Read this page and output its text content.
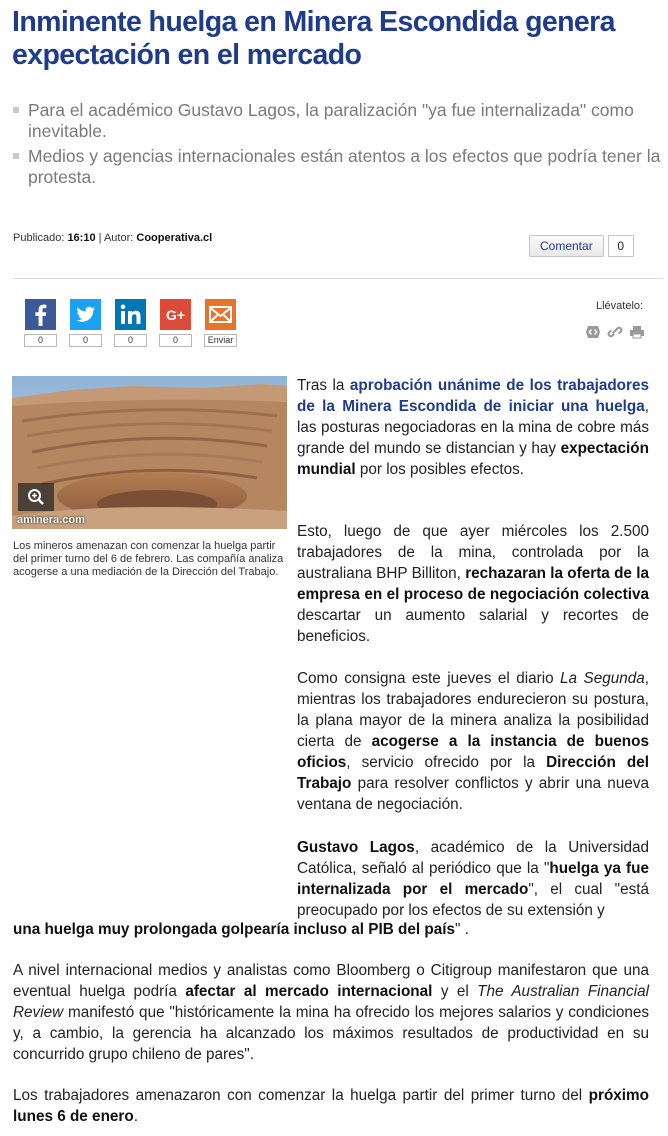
Inminente huelga en Minera Escondida genera expectación en el mercado
Para el académico Gustavo Lagos, la paralización "ya fue internalizada" como inevitable.
Medios y agencias internacionales están atentos a los efectos que podría tener la protesta.
Publicado: 16:10 | Autor: Cooperativa.cl
Comentar	0
0	0	0
G+
0	Enviar
Llévatelo:
aminera.com
Los mineros amenazan con comenzar la huelga partir del primer turno del 6 de febrero. Las compañía analiza acogerse a una mediación de la Dirección del Trabajo.
Tras la aprobación unánime de los trabajadores de la Minera Escondida de iniciar una huelga, las posturas negociadoras en la mina de cobre más grande del mundo se distancian y hay expectación mundial por los posibles efectos.
Esto, luego de que ayer miércoles los 2.500 trabajadores de la mina, controlada por la australiana BHP Billiton, rechazaran la oferta de la empresa en el proceso de negociación colectiva descartar un aumento salarial y recortes de beneficios.
Como consigna este jueves el diario La Segunda, mientras los trabajadores endurecieron su postura, la plana mayor de la minera analiza la posibilidad cierta de acogerse a la instancia de buenos oficios, servicio ofrecido por la Dirección del Trabajo para resolver conflictos y abrir una nueva ventana de negociación.
Gustavo Lagos, académico de la Universidad Católica, señaló al periódico que la "huelga ya fue internalizada por el mercado", el cual "está preocupado por los efectos de su extensión y
una huelga muy prolongada golpearía incluso al PIB del país" .
A nivel internacional medios y analistas como Bloomberg o Citigroup manifestaron que una eventual huelga podría afectar al mercado internacional y el The Australian Financial Review manifestó que "históricamente la mina ha ofrecido los mejores salarios y condiciones y, a cambio, la gerencia ha alcanzado los máximos resultados de productividad en su concurrido grupo chileno de pares".
Los trabajadores amenazaron con comenzar la huelga partir del primer turno del próximo lunes 6 de enero.
